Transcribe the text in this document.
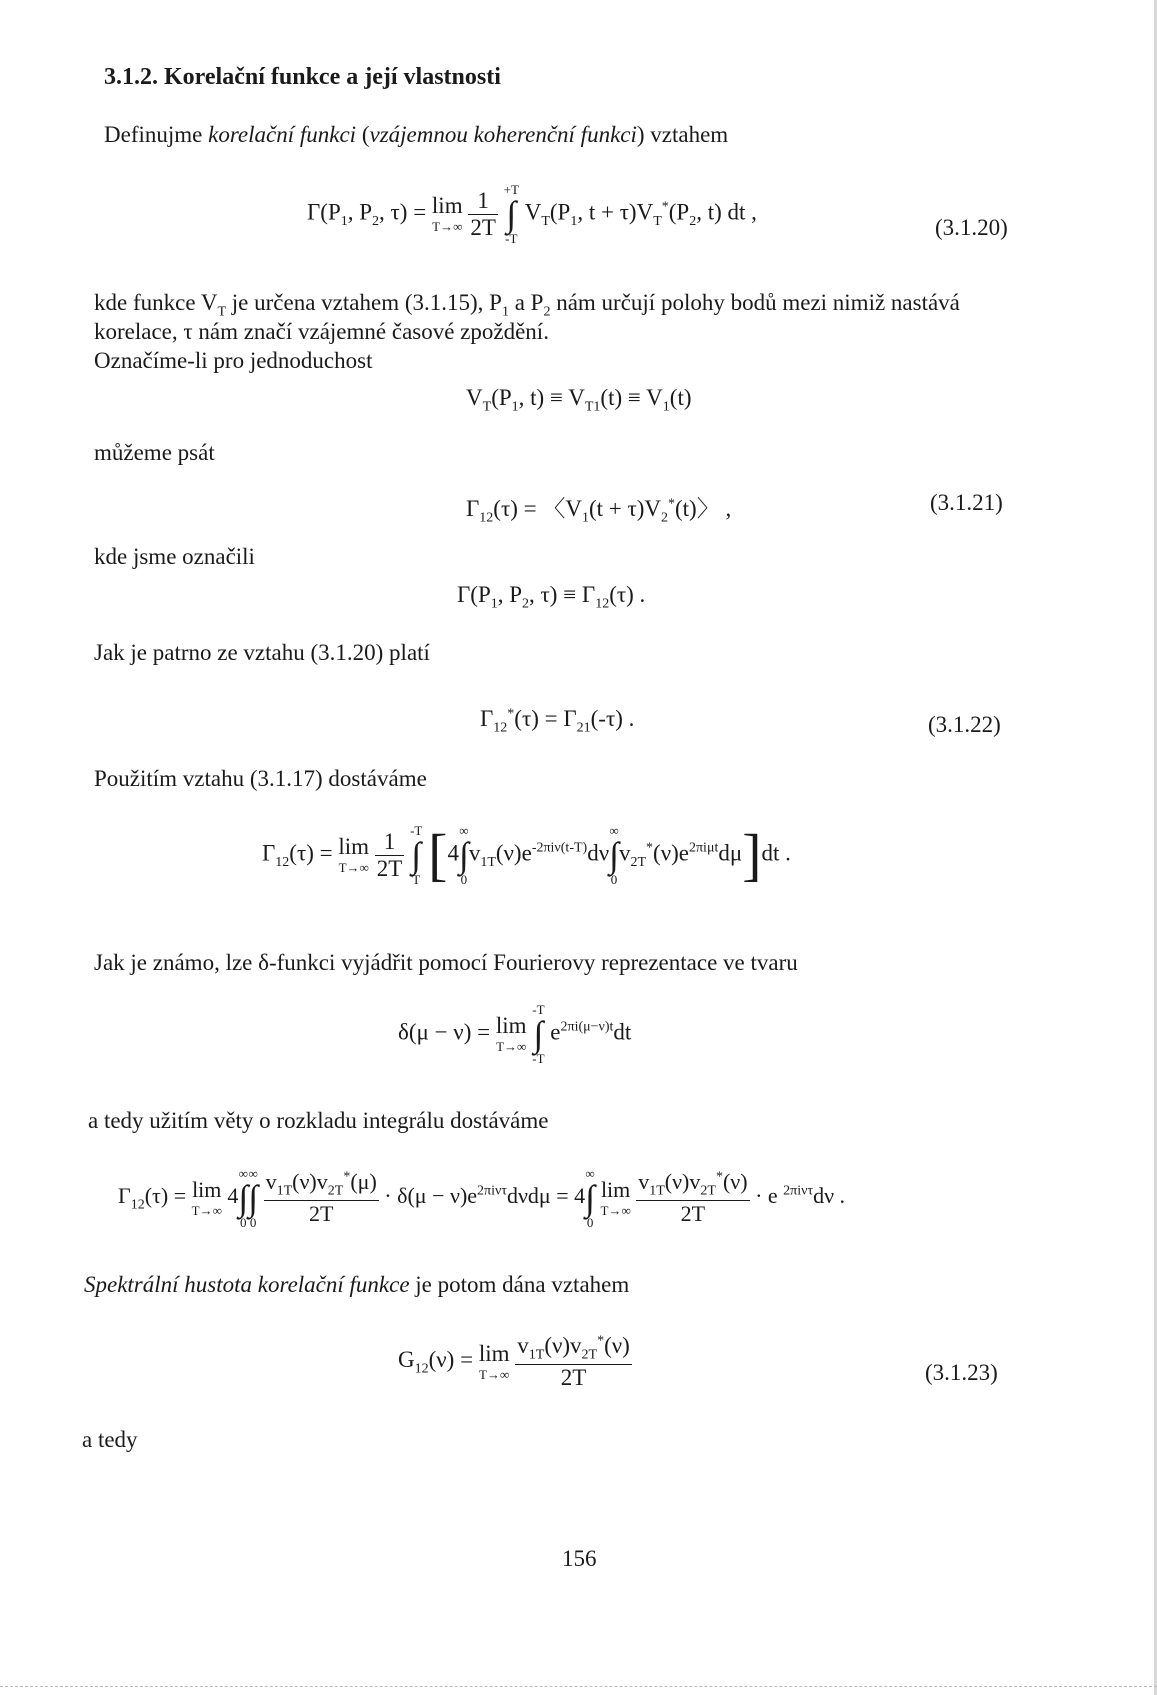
3.1.2. Korelační funkce a její vlastnosti
Definujme korelační funkci (vzájemnou koherenční funkci) vztahem
$\Gamma(P_1$, $P_2$, τ) = lim
T→∞
$\frac{1}{2T}$
+T
∫
-T
$V_T(P_1$, $t + \tau)V_T^*(P_2$, t) dt ,
(3.1.20)
kde funkce $V_T$ je určena vztahem (3.1.15), $P_1$ a $P_2$ nám určují polohy bodů mezi nimiž nastává
korelace, τ nám značí vzájemné časové zpoždění.
Označíme-li pro jednoduchost
$V_T(P_1$, $t) \equiv V_{T1}(t) \equiv V_1(t)$
můžeme psát
$\Gamma_{12}(\tau)$ = 〈$V_1(t + \tau)V_2^*(t)$〉 ,	(3.1.21)
kde jsme označili
$\Gamma(P_1$, $P_2$, $\tau) \equiv \Gamma_{12}(\tau)$ .
Jak je patrno ze vztahu (3.1.20) platí
$\Gamma_{12}^*(\tau) = \Gamma_{21}(-\tau)$ .	(3.1.22)
Použitím vztahu (3.1.17) dostáváme
$\Gamma_{12}(\tau) = \lim$
T→∞
$\frac{1}{2T}$
-T
∫
T [4
∞
∫
0
$v_{1T}(\nu)e^{-2\pi i\nu(t-T)}d\nu$
∞
∫
0
$v_{2T}^*(\nu)e^{2\pi i\mu t}d\mu]dt$ .
Jak je známo, lze δ-funkci vyjádřit pomocí Fourierovy reprezentace ve tvaru
δ(μ − ν) = lim
T→∞

-T
∫
-T
$e^{2\pi i(\mu-\nu)t}dt$
a tedy užitím věty o rozkladu integrálu dostáváme
$\Gamma_{12}(\tau) = \lim$
T→∞
4
∞
∫
0
∞
∫
0
$\frac{v_{1T}(\nu)v_{2T}^*(\mu)}{2T} \cdot \delta(\mu - \nu)e^{2\pi i\nu\tau}d\nu d\mu = 4$
∞
∫
0

lim
T→∞
$\frac{v_{1T}(\nu)v_{2T}^*(\nu)}{2T} \cdot e$ $^{2\pi i\nu\tau}$dν .
Spektrální hustota korelační funkce je potom dána vztahem
$G_{12}(\nu) = \lim$
T→∞
$\frac{v_{1T}(\nu)v_{2T}^*(\nu)}{2T}$	(3.1.23)
a tedy
156
